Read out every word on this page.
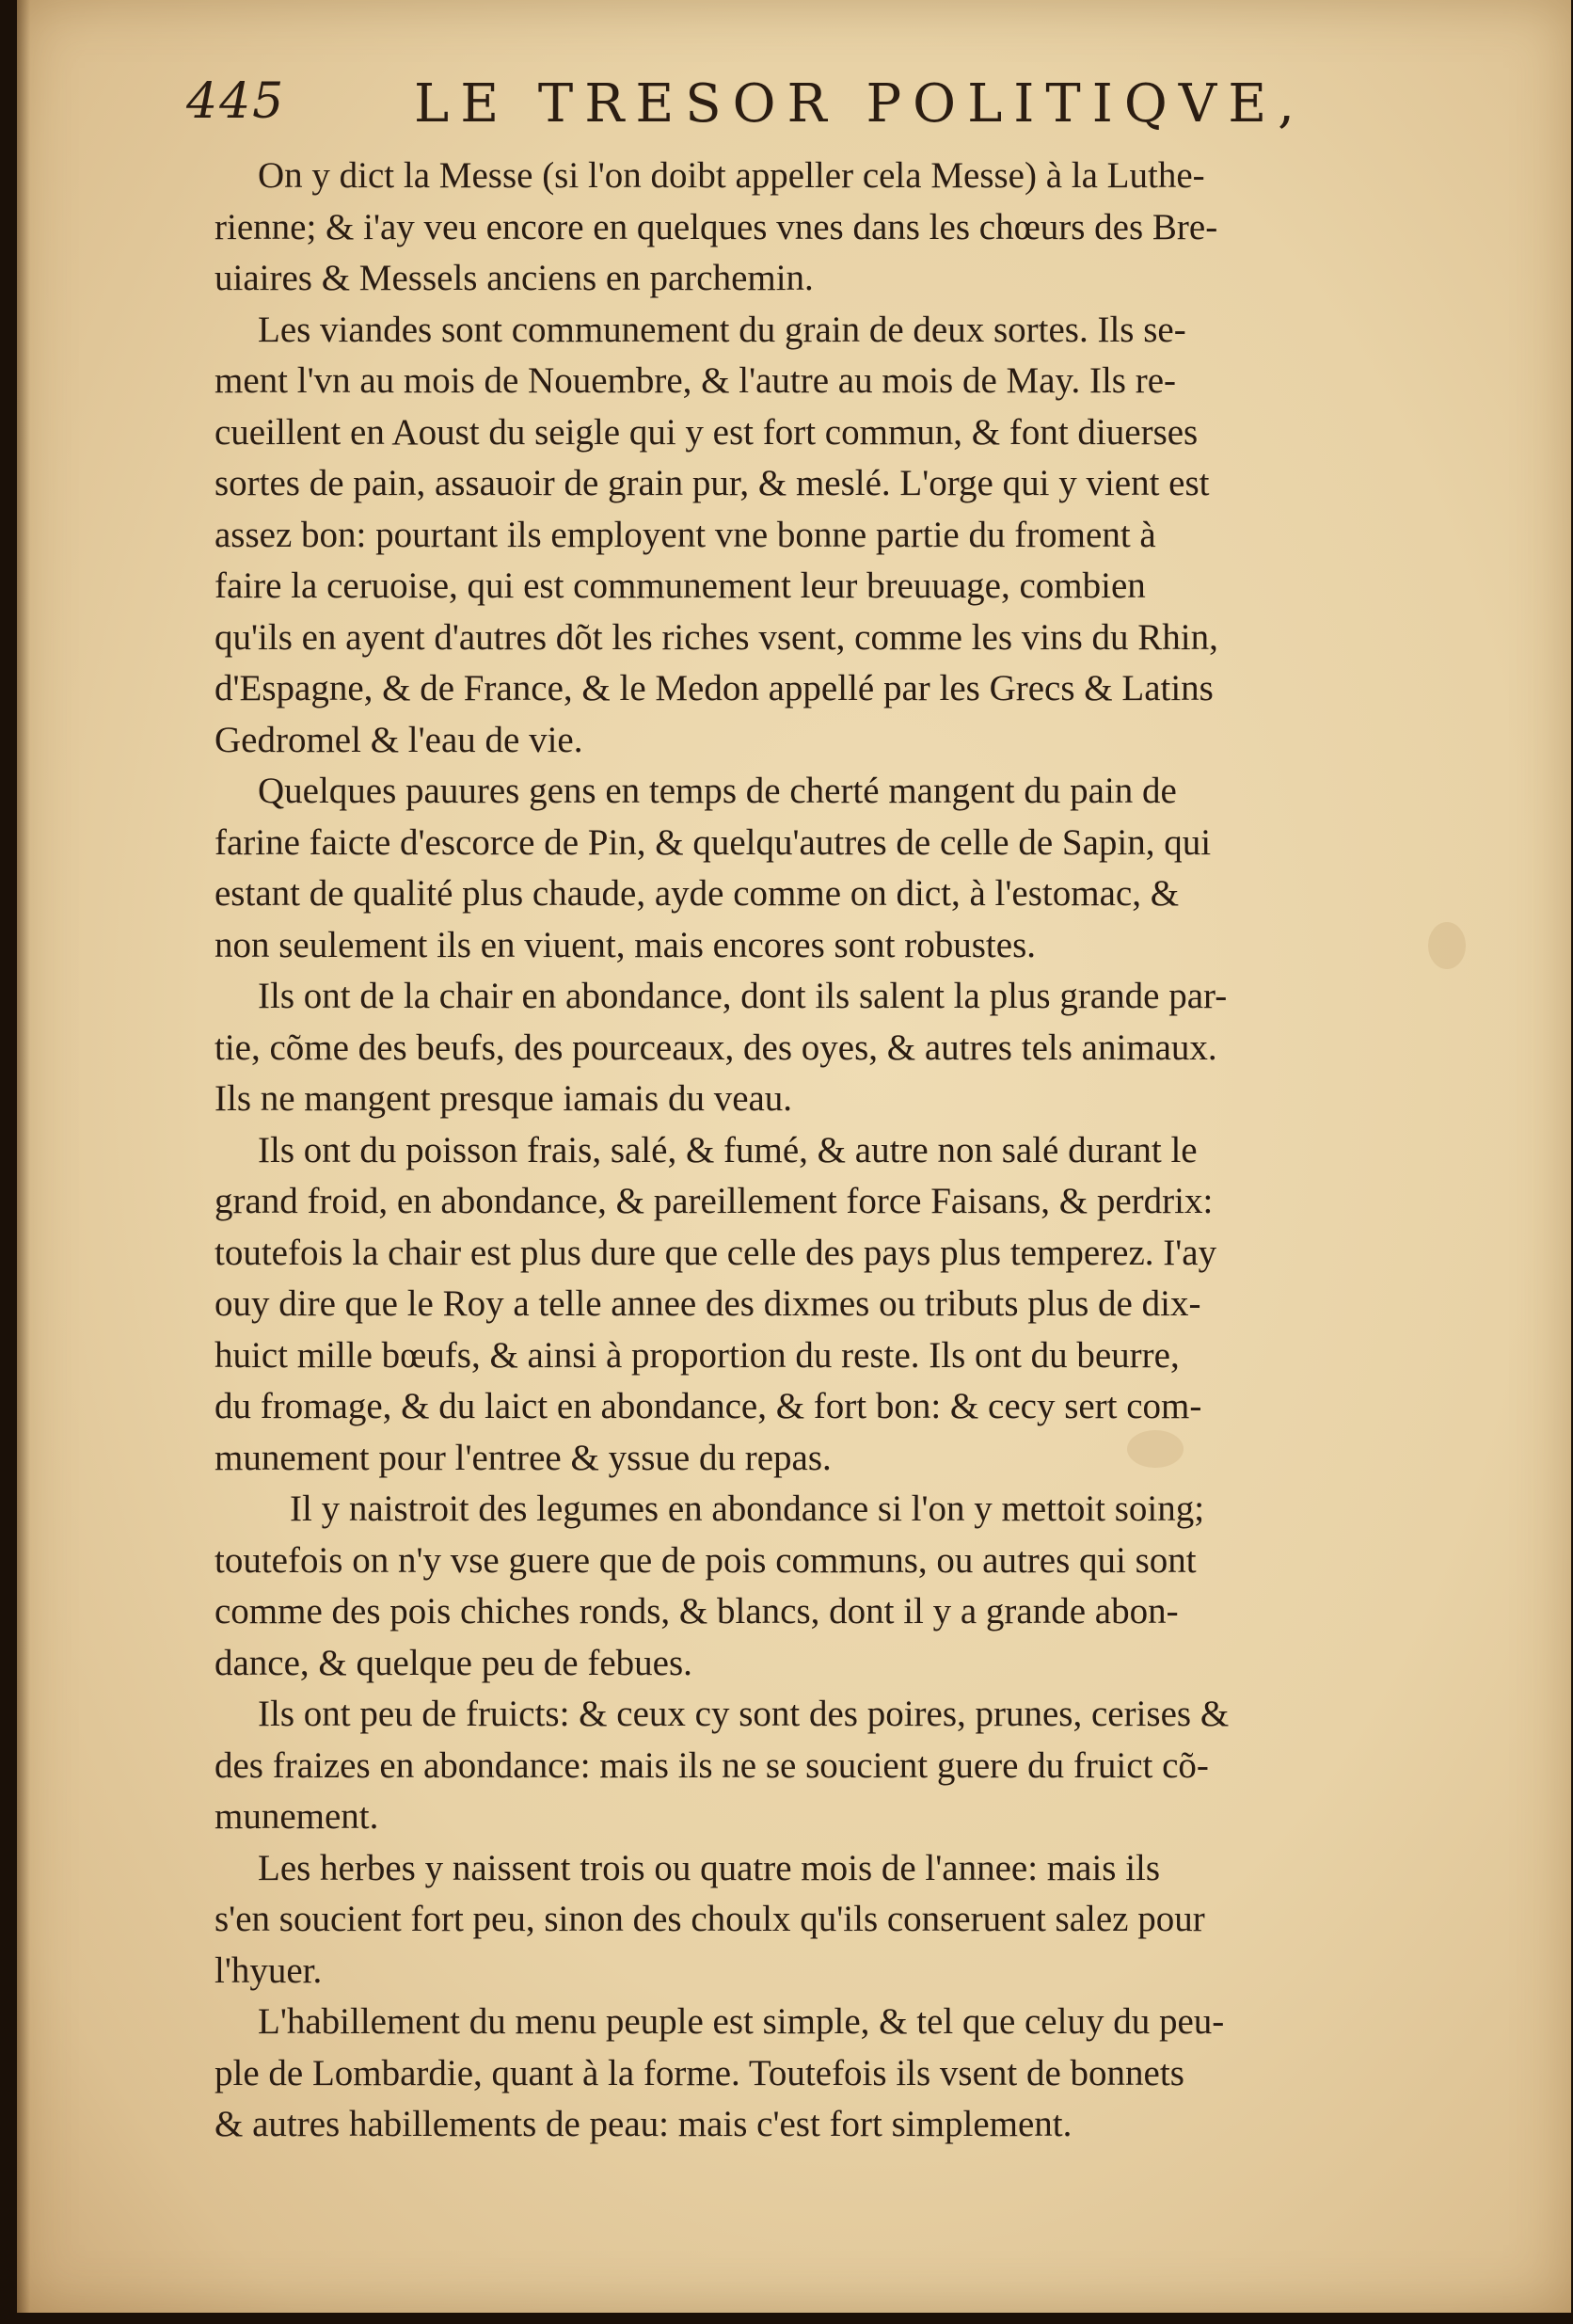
445 LE TRESOR POLITIQVE,
On y dict la Messe (si l'on doibt appeller cela Messe) à la Luthe-
rienne; & i'ay veu encore en quelques vnes dans les chœurs des Bre-
uiaires & Messels anciens en parchemin.
Les viandes sont communement du grain de deux sortes. Ils se-
ment l'vn au mois de Nouembre, & l'autre au mois de May. Ils re-
cueillent en Aoust du seigle qui y est fort commun, & font diuerses
sortes de pain, assauoir de grain pur, & meslé. L'orge qui y vient est
assez bon: pourtant ils employent vne bonne partie du froment à
faire la ceruoise, qui est communement leur breuuage, combien
qu'ils en ayent d'autres dõt les riches vsent, comme les vins du Rhin,
d'Espagne, & de France, & le Medon appellé par les Grecs & Latins
Gedromel & l'eau de vie.
Quelques pauures gens en temps de cherté mangent du pain de
farine faicte d'escorce de Pin, & quelqu'autres de celle de Sapin, qui
estant de qualité plus chaude, ayde comme on dict, à l'estomac, &
non seulement ils en viuent, mais encores sont robustes.
Ils ont de la chair en abondance, dont ils salent la plus grande par-
tie, cõme des beufs, des pourceaux, des oyes, & autres tels animaux.
Ils ne mangent presque iamais du veau.
Ils ont du poisson frais, salé, & fumé, & autre non salé durant le
grand froid, en abondance, & pareillement force Faisans, & perdrix:
toutefois la chair est plus dure que celle des pays plus temperez. I'ay
ouy dire que le Roy a telle annee des dixmes ou tributs plus de dix-
huict mille bœufs, & ainsi à proportion du reste. Ils ont du beurre,
du fromage, & du laict en abondance, & fort bon: & cecy sert com-
munement pour l'entree & yssue du repas.
Il y naistroit des legumes en abondance si l'on y mettoit soing;
toutefois on n'y vse guere que de pois communs, ou autres qui sont
comme des pois chiches ronds, & blancs, dont il y a grande abon-
dance, & quelque peu de febues.
Ils ont peu de fruicts: & ceux cy sont des poires, prunes, cerises &
des fraizes en abondance: mais ils ne se soucient guere du fruict cõ-
munement.
Les herbes y naissent trois ou quatre mois de l'annee: mais ils
s'en soucient fort peu, sinon des choulx qu'ils conseruent salez pour
l'hyuer.
L'habillement du menu peuple est simple, & tel que celuy du peu-
ple de Lombardie, quant à la forme. Toutefois ils vsent de bonnets
& autres habillements de peau: mais c'est fort simplement.
